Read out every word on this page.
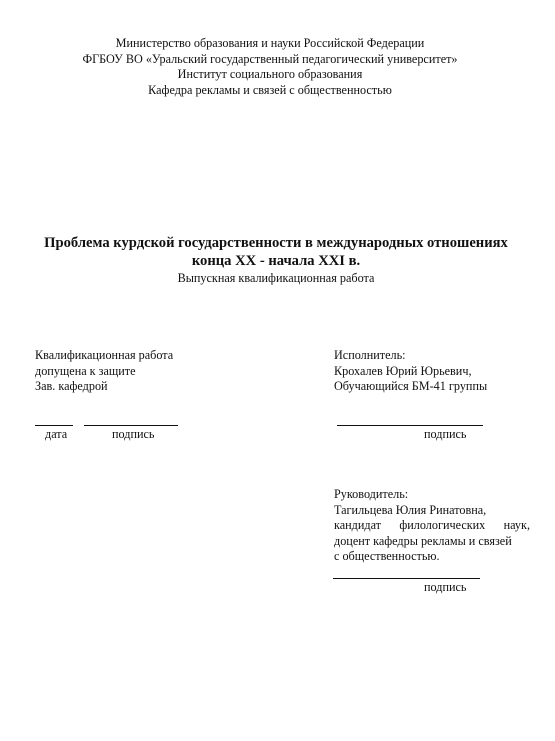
Министерство образования и науки Российской Федерации
ФГБОУ ВО «Уральский государственный педагогический университет»
Институт социального образования
Кафедра рекламы и связей с общественностью
Проблема курдской государственности в международных отношениях
конца XX - начала XXI в.
Выпускная квалификационная работа
Квалификационная работа
допущена к защите
Зав. кафедрой
дата	подпись
Исполнитель:
Крохалев Юрий Юрьевич,
Обучающийся БМ-41 группы
подпись
Руководитель:
Тагильцева Юлия Ринатовна,
кандидат филологических наук,
доцент кафедры рекламы и связей
с общественностью.
подпись
